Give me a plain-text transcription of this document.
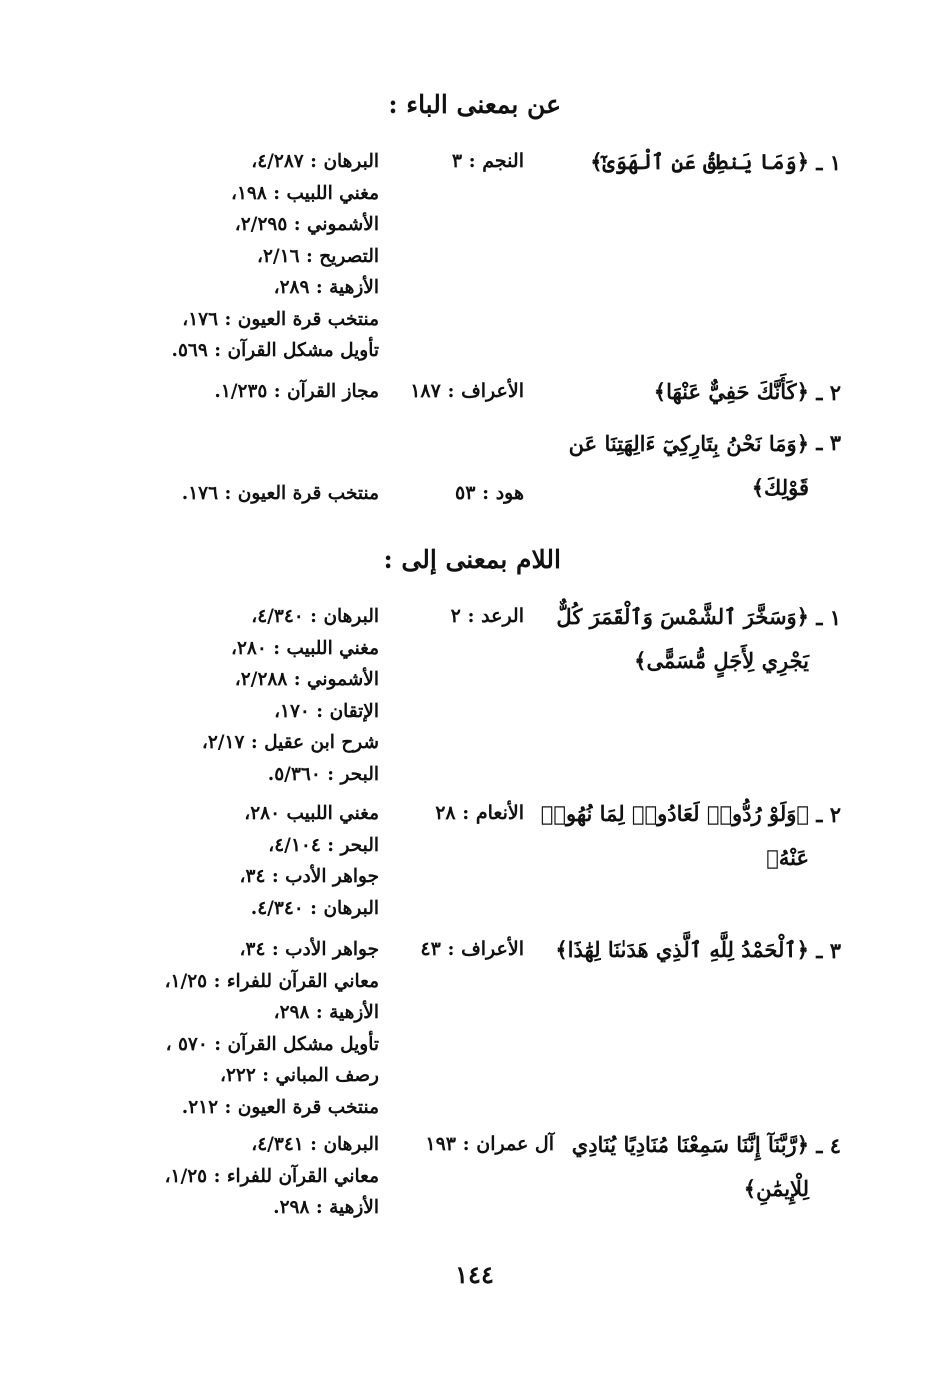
عن بمعنى الباء :
١ ـ
﴿وَمَا يَنطِقُ عَنِ ٱلْهَوَىٰٓ﴾
النجم : ٣
البرهان : ٤/٢٨٧،
مغني اللبيب : ١٩٨،
الأشموني : ٢/٢٩٥،
التصريح : ٢/١٦،
الأزهية : ٢٨٩،
منتخب قرة العيون : ١٧٦،
تأويل مشكل القرآن : ٥٦٩.
٢ ـ
﴿كَأَنَّكَ حَفِيٌّ عَنْهَا﴾
الأعراف : ١٨٧
مجاز القرآن : ١/٢٣٥.
٣ ـ
﴿وَمَا نَحْنُ بِتَارِكِيٓ ءَالِهَتِنَا عَن قَوْلِكَ﴾
هود : ٥٣
منتخب قرة العيون : ١٧٦.
اللام بمعنى إلى :
١ ـ
﴿وَسَخَّرَ ٱلشَّمْسَ وَٱلْقَمَرَ كُلٌّ يَجْرِي لِأَجَلٍ مُّسَمًّى﴾
الرعد : ٢
البرهان : ٤/٣٤٠،
مغني اللبيب : ٢٨٠،
الأشموني : ٢/٢٨٨،
الإتقان : ١٧٠،
شرح ابن عقيل : ٢/١٧،
البحر : ٥/٣٦٠.
٢ ـ
﴿وَلَوْ رُدُّوا۟ لَعَادُوا۟ لِمَا نُهُوا۟ عَنْهُ﴾
الأنعام : ٢٨
مغني اللبيب ٢٨٠،
البحر : ٤/١٠٤،
جواهر الأدب : ٣٤،
البرهان : ٤/٣٤٠.
٣ ـ
﴿ٱلْحَمْدُ لِلَّهِ ٱلَّذِي هَدَىٰنَا لِهَٰذَا﴾
الأعراف : ٤٣
جواهر الأدب : ٣٤،
معاني القرآن للفراء : ١/٢٥،
الأزهية : ٢٩٨،
تأويل مشكل القرآن : ٥٧٠ ،
رصف المباني : ٢٢٢،
منتخب قرة العيون : ٢١٢.
٤ ـ
﴿رَّبَّنَآ إِنَّنَا سَمِعْنَا مُنَادِيًا يُنَادِي لِلْإِيمَٰنِ﴾
آل عمران : ١٩٣
البرهان : ٤/٣٤١،
معاني القرآن للفراء : ١/٢٥،
الأزهية : ٢٩٨.
١٤٤
